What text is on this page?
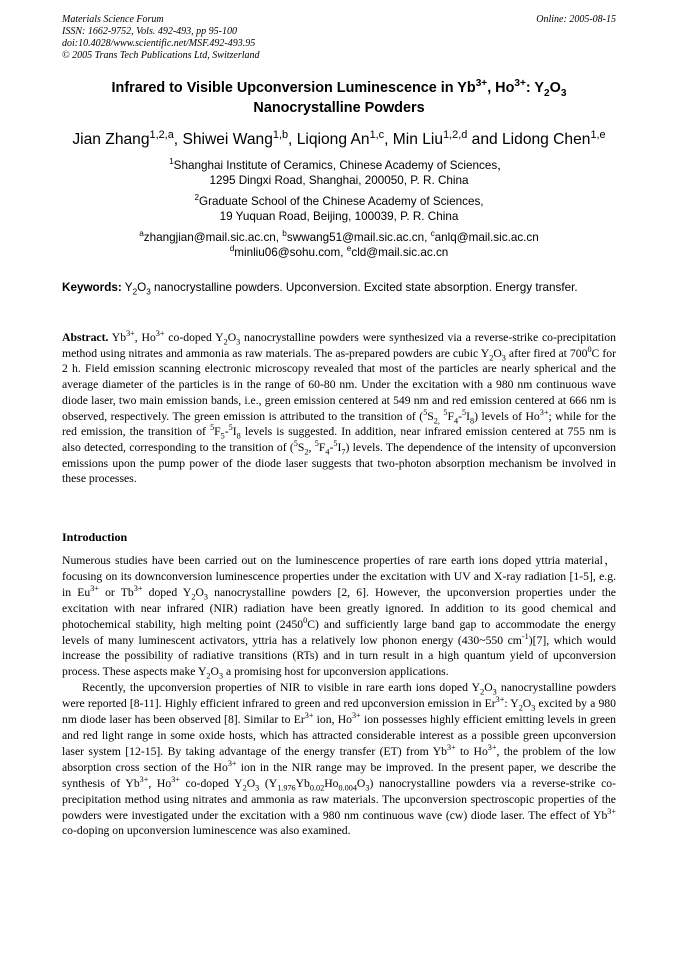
Materials Science Forum
ISSN: 1662-9752, Vols. 492-493, pp 95-100
doi:10.4028/www.scientific.net/MSF.492-493.95
© 2005 Trans Tech Publications Ltd, Switzerland
Online: 2005-08-15
Infrared to Visible Upconversion Luminescence in $Yb^{3+}$, $Ho^{3+}$: $Y_2O_3$
Nanocrystalline Powders
Jian Zhang$^{1,2,a}$, Shiwei Wang$^{1,b}$, Liqiong An$^{1,c}$, Min Liu$^{1,2,d}$ and Lidong Chen$^{1,e}$
$^1$Shanghai Institute of Ceramics, Chinese Academy of Sciences，
1295 Dingxi Road, Shanghai, 200050, P. R. China
$^2$Graduate School of the Chinese Academy of Sciences,
19 Yuquan Road, Beijing, 100039, P. R. China
$^a$zhangjian@mail.sic.ac.cn, $^b$swwang51@mail.sic.ac.cn, $^c$anlq@mail.sic.ac.cn
$^d$minliu06@sohu.com, $^e$cld@mail.sic.ac.cn
Keywords: $Y_2O_3$ nanocrystalline powders. Upconversion. Excited state absorption. Energy transfer.
Abstract. $Yb^{3+}$, $Ho^{3+}$ co-doped $Y_2O_3$ nanocrystalline powders were synthesized via a reverse-strike co-precipitation method using nitrates and ammonia as raw materials. The as-prepared powders are cubic $Y_2O_3$ after fired at $700^0C$ for 2 h. Field emission scanning electronic microscopy revealed that most of the particles are nearly spherical and the average diameter of the particles is in the range of 60-80 nm. Under the excitation with a 980 nm continuous wave diode laser, two main emission bands, i.e., green emission centered at 549 nm and red emission centered at 666 nm is observed, respectively. The green emission is attributed to the transition of ($^5S_{2,}$ $^5F_4-^5I_8$) levels of $Ho^{3+}$; while for the red emission, the transition of $^5F_5-^5I_8$ levels is suggested. In addition, near infrared emission centered at 755 nm is also detected, corresponding to the transition of ($^5S_2$, $^5F_4-^5I_7$) levels. The dependence of the intensity of upconversion emissions upon the pump power of the diode laser suggests that two-photon absorption mechanism be involved in these processes.
Introduction

Numerous studies have been carried out on the luminescence properties of rare earth ions doped yttria material，focusing on its downconversion luminescence properties under the excitation with UV and X-ray radiation [1-5], e.g. in $Eu^{3+}$ or $Tb^{3+}$ doped $Y_2O_3$ nanocrystalline powders [2, 6]. However, the upconversion properties under the excitation with near infrared (NIR) radiation have been greatly ignored. In addition to its good chemical and photochemical stability, high melting point (2450$^0$C) and sufficiently large band gap to accommodate the energy levels of many luminescent activators, yttria has a relatively low phonon energy (430~550 $cm^{-1})[7]$, which would increase the possibility of radiative transitions (RTs) and in turn result in a high quantum yield of upconversion process. These aspects make $Y_2O_3$ a promising host for upconversion applications.

Recently, the upconversion properties of NIR to visible in rare earth ions doped $Y_2O_3$ nanocrystalline powders were reported [8-11]. Highly efficient infrared to green and red upconversion emission in $Er^{3+}$: $Y_2O_3$ excited by a 980 nm diode laser has been observed [8]. Similar to $Er^{3+}$ ion, $Ho^{3+}$ ion possesses highly efficient emitting levels in green and red light range in some oxide hosts, which has attracted considerable interest as a possible green upconversion laser system [12-15]. By taking advantage of the energy transfer (ET) from $Yb^{3+}$ to $Ho^{3+}$, the problem of the low absorption cross section of the $Ho^{3+}$ ion in the NIR range may be improved. In the present paper, we describe the synthesis of $Yb^{3+}$, $Ho^{3+}$ co-doped $Y_2O_3$ $(Y_{1.976}Yb_{0.02}Ho_{0.004}O_3)$ nanocrystalline powders via a reverse-strike co-precipitation method using nitrates and ammonia as raw materials. The upconversion spectroscopic properties of the powders were investigated under the excitation with a 980 nm continuous wave (cw) diode laser. The effect of $Yb^{3+}$ co-doping on upconversion luminescence was also examined.
